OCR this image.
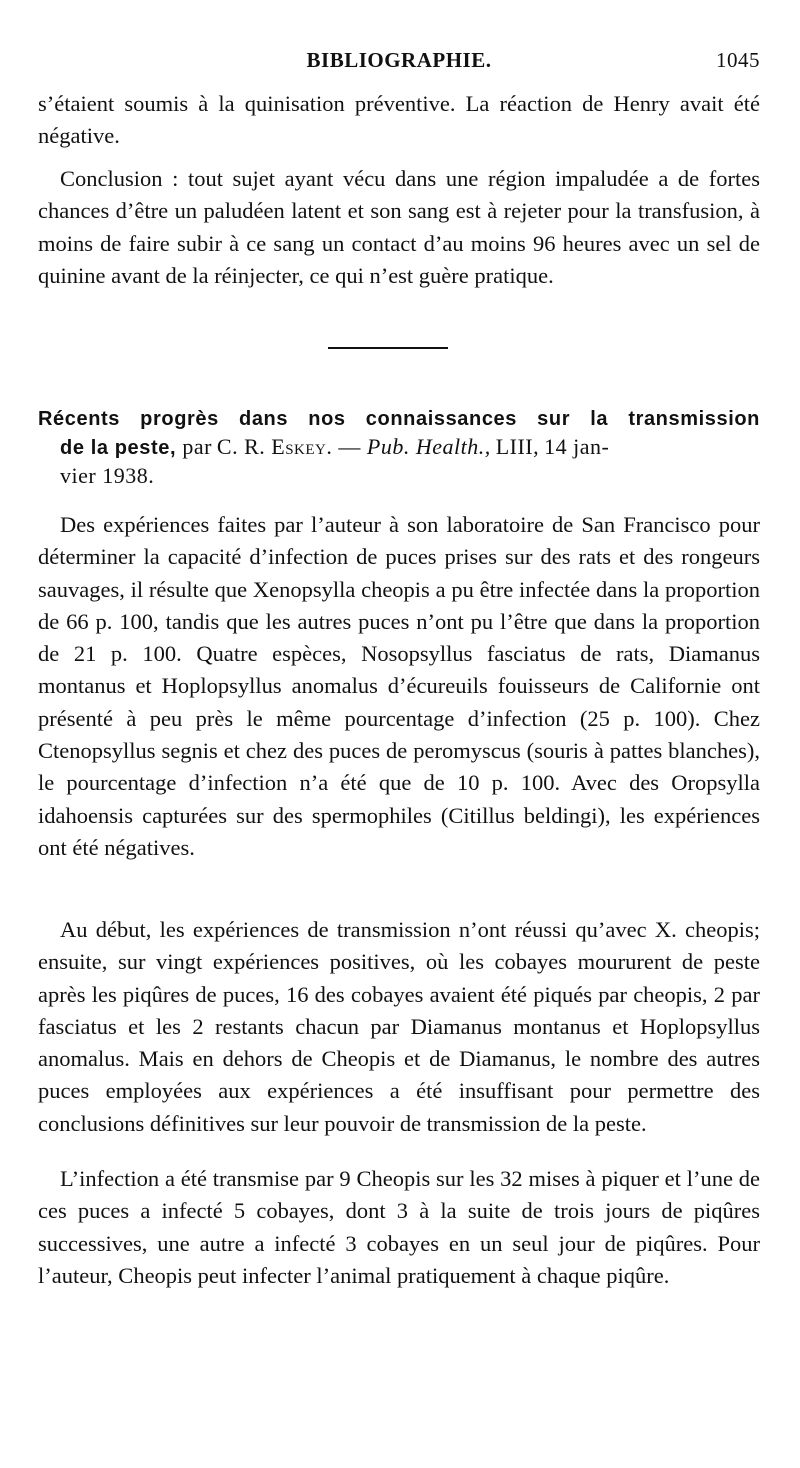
BIBLIOGRAPHIE.	1045

s’étaient soumis à la quinisation préventive. La réaction de Henry avait été négative.

Conclusion : tout sujet ayant vécu dans une région impaludée a de fortes chances d’être un paludéen latent et son sang est à rejeter pour la transfusion, à moins de faire subir à ce sang un contact d’au moins 96 heures avec un sel de quinine avant de la réinjecter, ce qui n’est guère pratique.

Récents progrès dans nos connaissances sur la transmission
de la peste, par C. R. Eskey. — Pub. Health., LIII, 14 jan-
vier 1938.

Des expériences faites par l’auteur à son laboratoire de San Francisco pour déterminer la capacité d’infection de puces prises sur des rats et des rongeurs sauvages, il résulte que Xenopsylla cheopis a pu être infectée dans la proportion de 66 p. 100, tandis que les autres puces n’ont pu l’être que dans la proportion de 21 p. 100. Quatre espèces, Nosopsyllus fasciatus de rats, Diamanus montanus et Hoplopsyllus anomalus d’écureuils fouisseurs de Californie ont présenté à peu près le même pourcentage d’infection (25 p. 100). Chez Ctenopsyllus segnis et chez des puces de peromyscus (souris à pattes blanches), le pourcentage d’infection n’a été que de 10 p. 100. Avec des Oropsylla idahoensis capturées sur des spermophiles (Citillus beldingi), les expériences ont été négatives.

Au début, les expériences de transmission n’ont réussi qu’avec X. cheopis; ensuite, sur vingt expériences positives, où les cobayes moururent de peste après les piqûres de puces, 16 des cobayes avaient été piqués par cheopis, 2 par fasciatus et les 2 restants chacun par Diamanus montanus et Hoplopsyllus anomalus. Mais en dehors de Cheopis et de Diamanus, le nombre des autres puces employées aux expériences a été insuffisant pour permettre des conclusions définitives sur leur pouvoir de transmission de la peste.

L’infection a été transmise par 9 Cheopis sur les 32 mises à piquer et l’une de ces puces a infecté 5 cobayes, dont 3 à la suite de trois jours de piqûres successives, une autre a infecté 3 cobayes en un seul jour de piqûres. Pour l’auteur, Cheopis peut infecter l’animal pratiquement à chaque piqûre.
